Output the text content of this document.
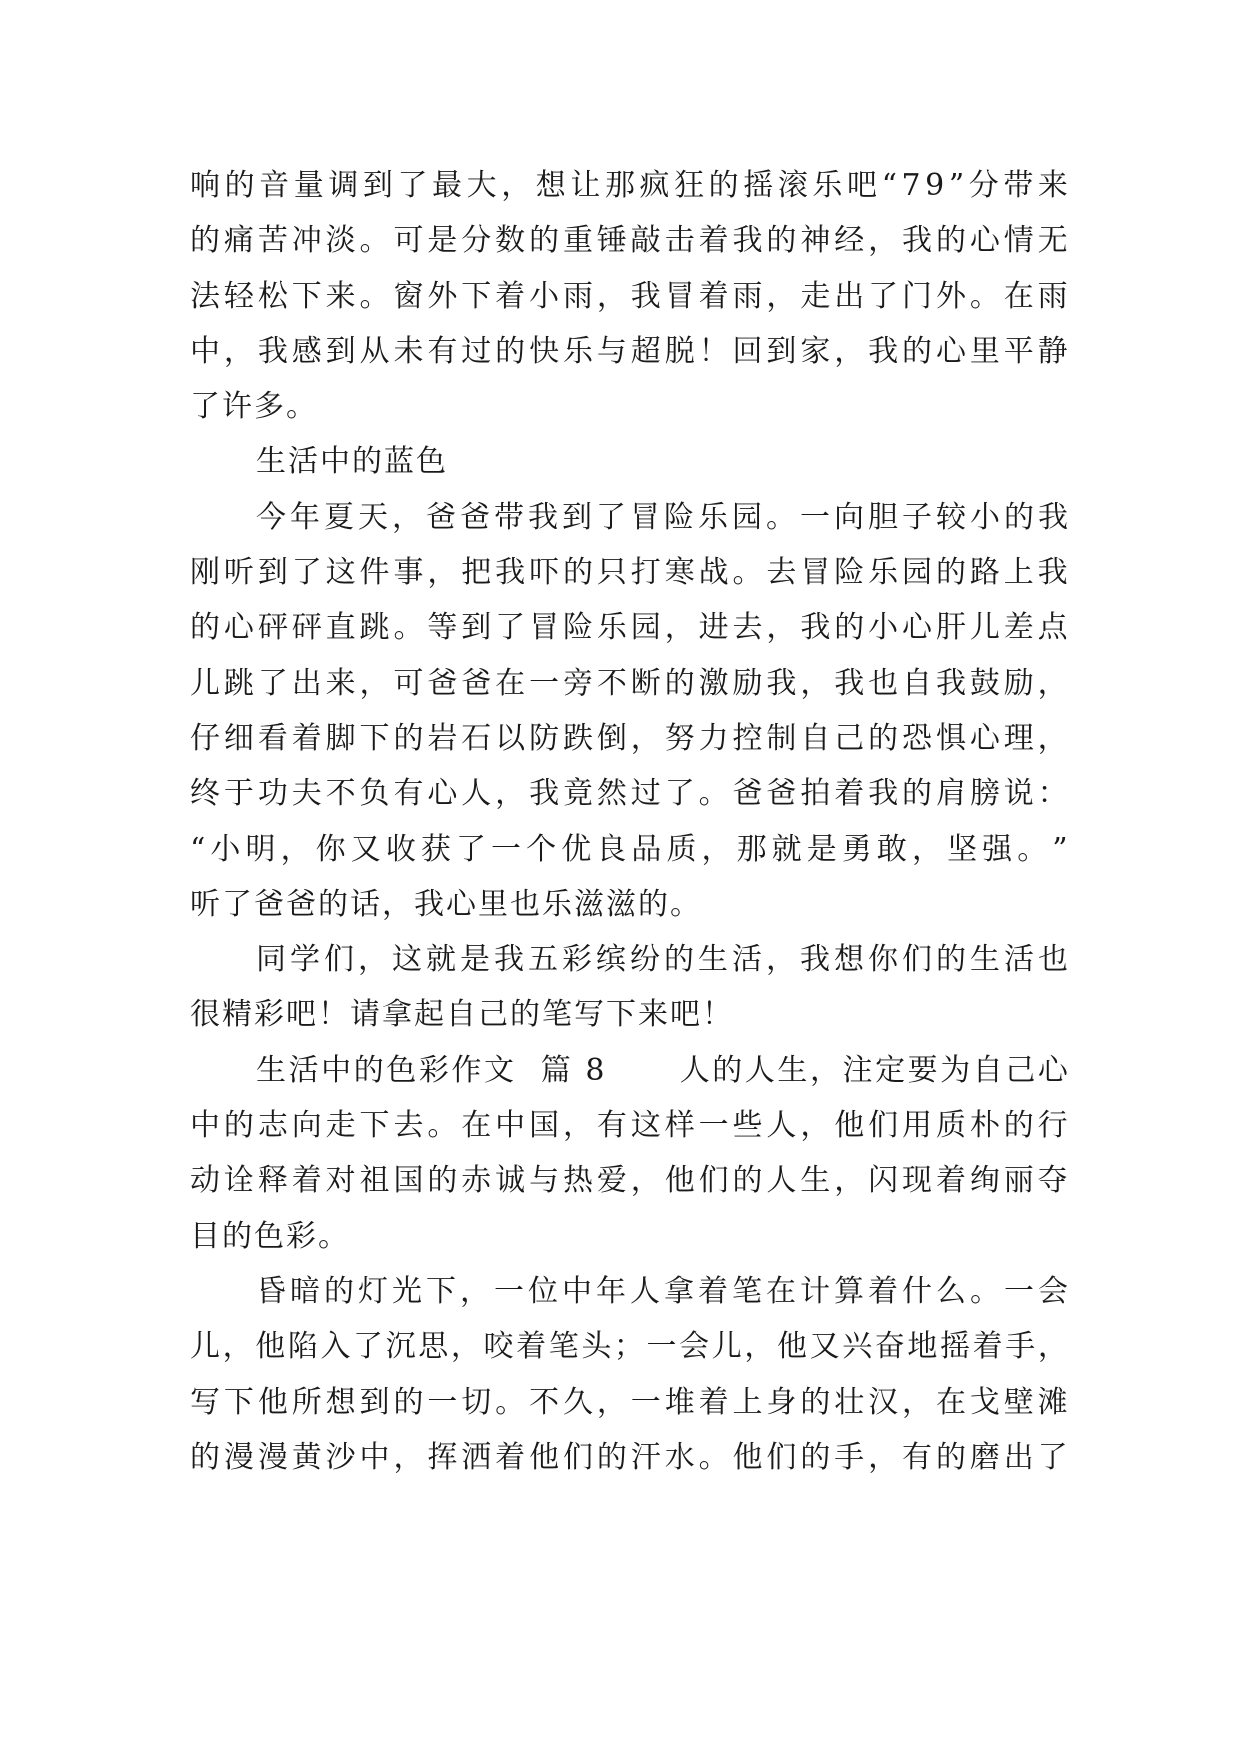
响 的 音 量 调 到 了 最 大 ， 想 让 那 疯 狂 的 摇 滚 乐 吧 “ 7 9 ” 分 带 来
的 痛 苦 冲 淡 。 可 是 分 数 的 重 锤 敲 击 着 我 的 神 经 ， 我 的 心 情 无
法 轻 松 下 来 。 窗 外 下 着 小 雨 ， 我 冒 着 雨 ， 走 出 了 门 外 。 在 雨
中 ， 我 感 到 从 未 有 过 的 快 乐 与 超 脱 ！ 回 到 家 ， 我 的 心 里 平 静
了许多。
生活中的蓝色
今 年 夏 天 ， 爸 爸 带 我 到 了 冒 险 乐 园 。 一 向 胆 子 较 小 的 我
刚 听 到 了 这 件 事 ， 把 我 吓 的 只 打 寒 战 。 去 冒 险 乐 园 的 路 上 我
的 心 砰 砰 直 跳 。 等 到 了 冒 险 乐 园 ， 进 去 ， 我 的 小 心 肝 儿 差 点
儿 跳 了 出 来 ， 可 爸 爸 在 一 旁 不 断 的 激 励 我 ， 我 也 自 我 鼓 励 ，
仔 细 看 着 脚 下 的 岩 石 以 防 跌 倒 ， 努 力 控 制 自 己 的 恐 惧 心 理 ，
终 于 功 夫 不 负 有 心 人 ， 我 竟 然 过 了 。 爸 爸 拍 着 我 的 肩 膀 说 ：
“ 小 明 ， 你 又 收 获 了 一 个 优 良 品 质 ， 那 就 是 勇 敢 ， 坚 强 。 ”
听了爸爸的话，我心里也乐滋滋的。
同 学 们 ， 这 就 是 我 五 彩 缤 纷 的 生 活 ， 我 想 你 们 的 生 活 也
很精彩吧！请拿起自己的笔写下来吧！
生 活 中 的 色 彩 作 文

篇
8

人 的 人 生 ， 注 定 要 为 自 己 心
中 的 志 向 走 下 去 。 在 中 国 ， 有 这 样 一 些 人 ， 他 们 用 质 朴 的 行
动 诠 释 着 对 祖 国 的 赤 诚 与 热 爱 ， 他 们 的 人 生 ， 闪 现 着 绚 丽 夺
目的色彩。
昏 暗 的 灯 光 下 ， 一 位 中 年 人 拿 着 笔 在 计 算 着 什 么 。 一 会
儿 ， 他 陷 入 了 沉 思 ， 咬 着 笔 头 ； 一 会 儿 ， 他 又 兴 奋 地 摇 着 手 ，
写 下 他 所 想 到 的 一 切 。 不 久 ， 一 堆 着 上 身 的 壮 汉 ， 在 戈 壁 滩
的 漫 漫 黄 沙 中 ， 挥 洒 着 他 们 的 汗 水 。 他 们 的 手 ， 有 的 磨 出 了
